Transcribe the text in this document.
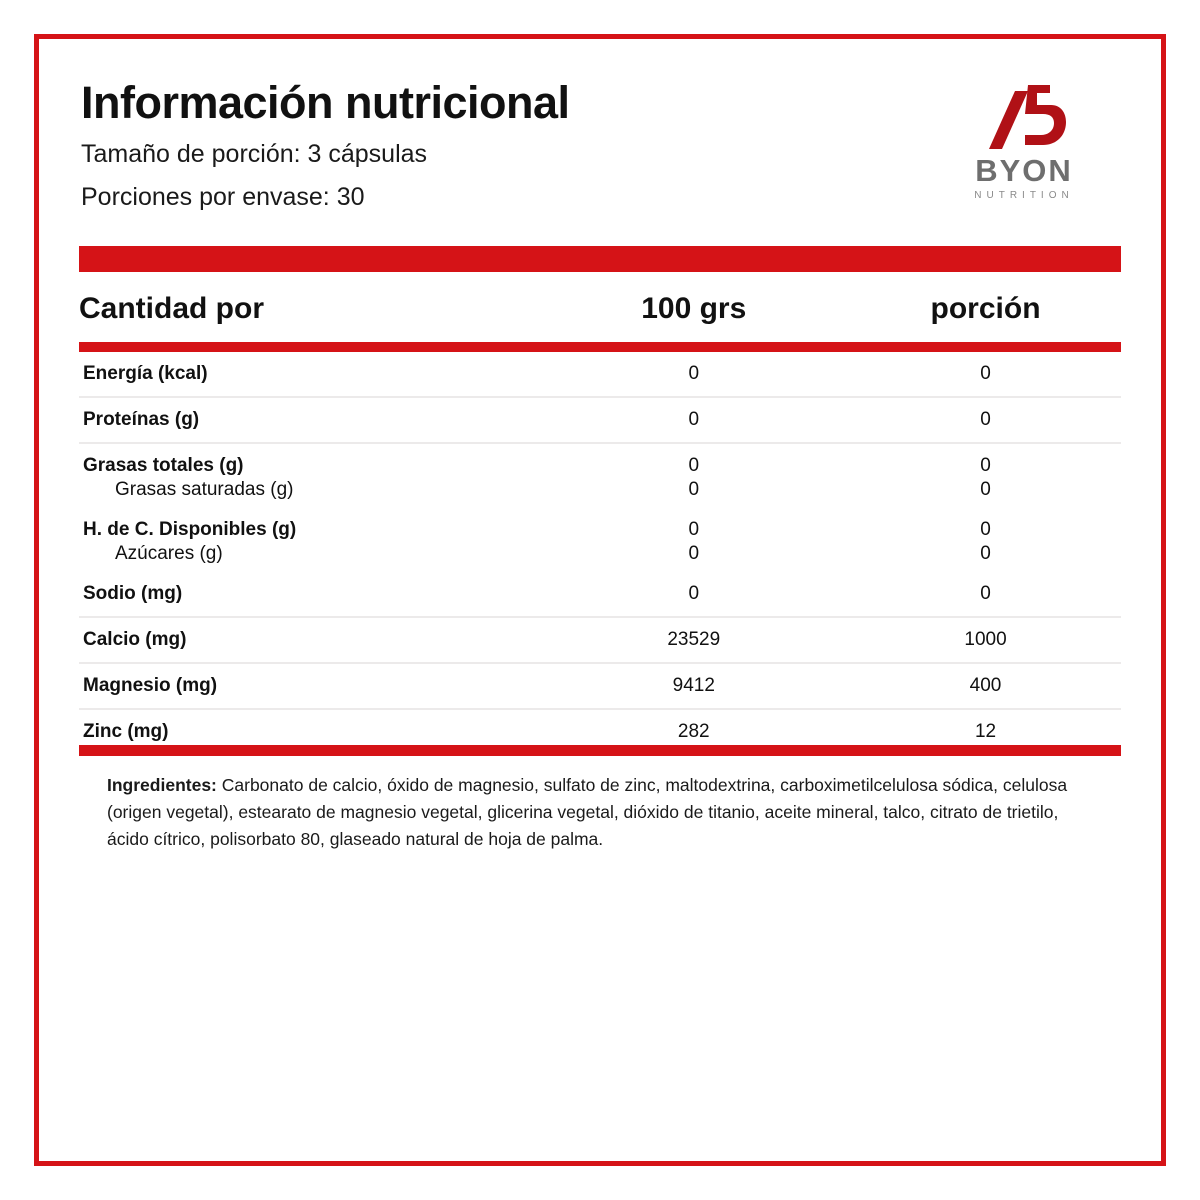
Información nutricional
Tamaño de porción: 3 cápsulas
Porciones por envase: 30
BYON
NUTRITION
Cantidad por	100 grs	porción
Energía (kcal)	0	0
Proteínas (g)	0	0
Grasas totales (g)	0	0
Grasas saturadas (g)	0	0
H. de C. Disponibles (g)	0	0
Azúcares (g)	0	0
Sodio (mg)	0	0
Calcio (mg)	23529	1000
Magnesio (mg)	9412	400
Zinc (mg)	282	12
Ingredientes: Carbonato de calcio, óxido de magnesio, sulfato de zinc, maltodextrina, carboximetilcelulosa sódica, celulosa (origen vegetal), estearato de magnesio vegetal, glicerina vegetal, dióxido de titanio, aceite mineral, talco, citrato de trietilo, ácido cítrico, polisorbato 80, glaseado natural de hoja de palma.
